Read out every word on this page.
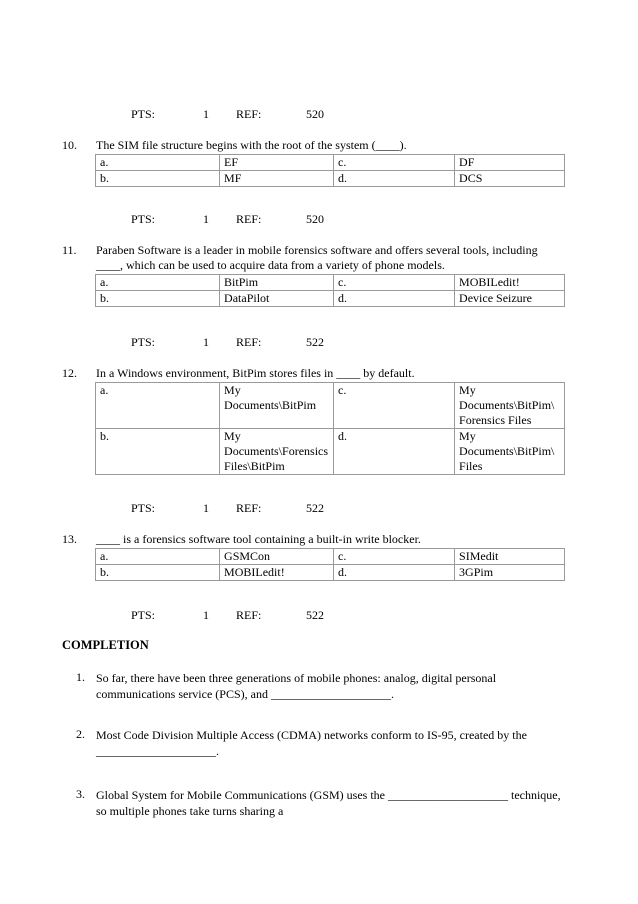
PTS:	1 REF:	520
10.	The SIM file structure begins with the root of the system (____).
a.	EF	c.	DF
b.	MF	d.	DCS
PTS:	1 REF:	520
11.	Paraben Software is a leader in mobile forensics software and offers several tools, including ____, which can be used to acquire data from a variety of phone models.
a.	BitPim	c.	MOBILedit!
b.	DataPilot	d.	Device Seizure
PTS:	1 REF:	522
12.	In a Windows environment, BitPim stores files in ____ by default.
a.	My Documents\BitPim	c.	My Documents\BitPim\ Forensics Files
b.	My Documents\Forensics Files\BitPim	d.	My Documents\BitPim\ Files
PTS:	1 REF:	522
13.	____ is a forensics software tool containing a built-in write blocker.
a.	GSMCon	c.	SIMedit
b.	MOBILedit!	d.	3GPim
PTS:	1 REF:	522
COMPLETION
1. So far, there have been three generations of mobile phones: analog, digital personal communications service (PCS), and ____________________.
2. Most Code Division Multiple Access (CDMA) networks conform to IS-95, created by the ____________________.
3. Global System for Mobile Communications (GSM) uses the ____________________ technique, so multiple phones take turns sharing a
